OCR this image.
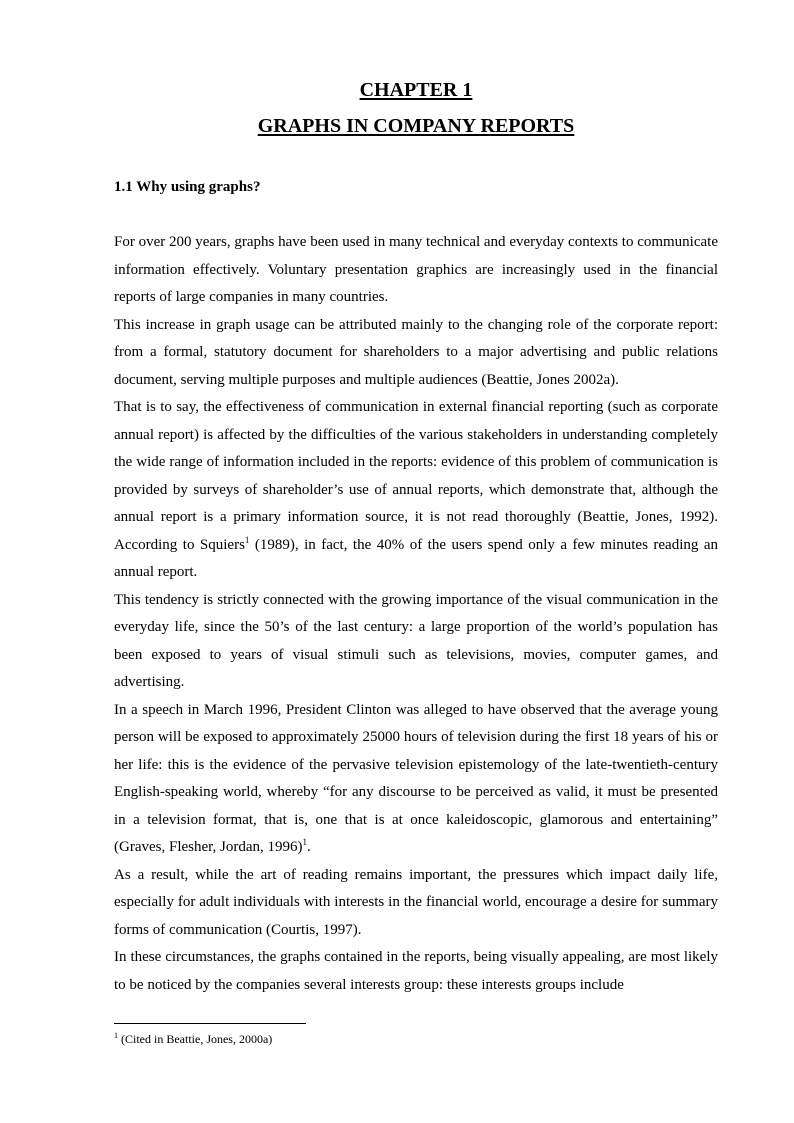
CHAPTER 1
GRAPHS IN COMPANY REPORTS
1.1 Why using graphs?

For over 200 years, graphs have been used in many technical and everyday contexts to communicate information effectively. Voluntary presentation graphics are increasingly used in the financial reports of large companies in many countries.

This increase in graph usage can be attributed mainly to the changing role of the corporate report: from a formal, statutory document for shareholders to a major advertising and public relations document, serving multiple purposes and multiple audiences (Beattie, Jones 2002a).

That is to say, the effectiveness of communication in external financial reporting (such as corporate annual report) is affected by the difficulties of the various stakeholders in understanding completely the wide range of information included in the reports: evidence of this problem of communication is provided by surveys of shareholder’s use of annual reports, which demonstrate that, although the annual report is a primary information source, it is not read thoroughly (Beattie, Jones, 1992). According to Squiers$^1$ (1989), in fact, the 40% of the users spend only a few minutes reading an annual report.

This tendency is strictly connected with the growing importance of the visual communication in the everyday life, since the 50’s of the last century: a large proportion of the world’s population has been exposed to years of visual stimuli such as televisions, movies, computer games, and advertising.

In a speech in March 1996, President Clinton was alleged to have observed that the average young person will be exposed to approximately 25000 hours of television during the first 18 years of his or her life: this is the evidence of the pervasive television epistemology of the late-twentieth-century English-speaking world, whereby “for any discourse to be perceived as valid, it must be presented in a television format, that is, one that is at once kaleidoscopic, glamorous and entertaining” (Graves, Flesher, Jordan, 1996)$^1$.

As a result, while the art of reading remains important, the pressures which impact daily life, especially for adult individuals with interests in the financial world, encourage a desire for summary forms of communication (Courtis, 1997).

In these circumstances, the graphs contained in the reports, being visually appealing, are most likely to be noticed by the companies several interests group: these interests groups include

$^1$ (Cited in Beattie, Jones, 2000a)
